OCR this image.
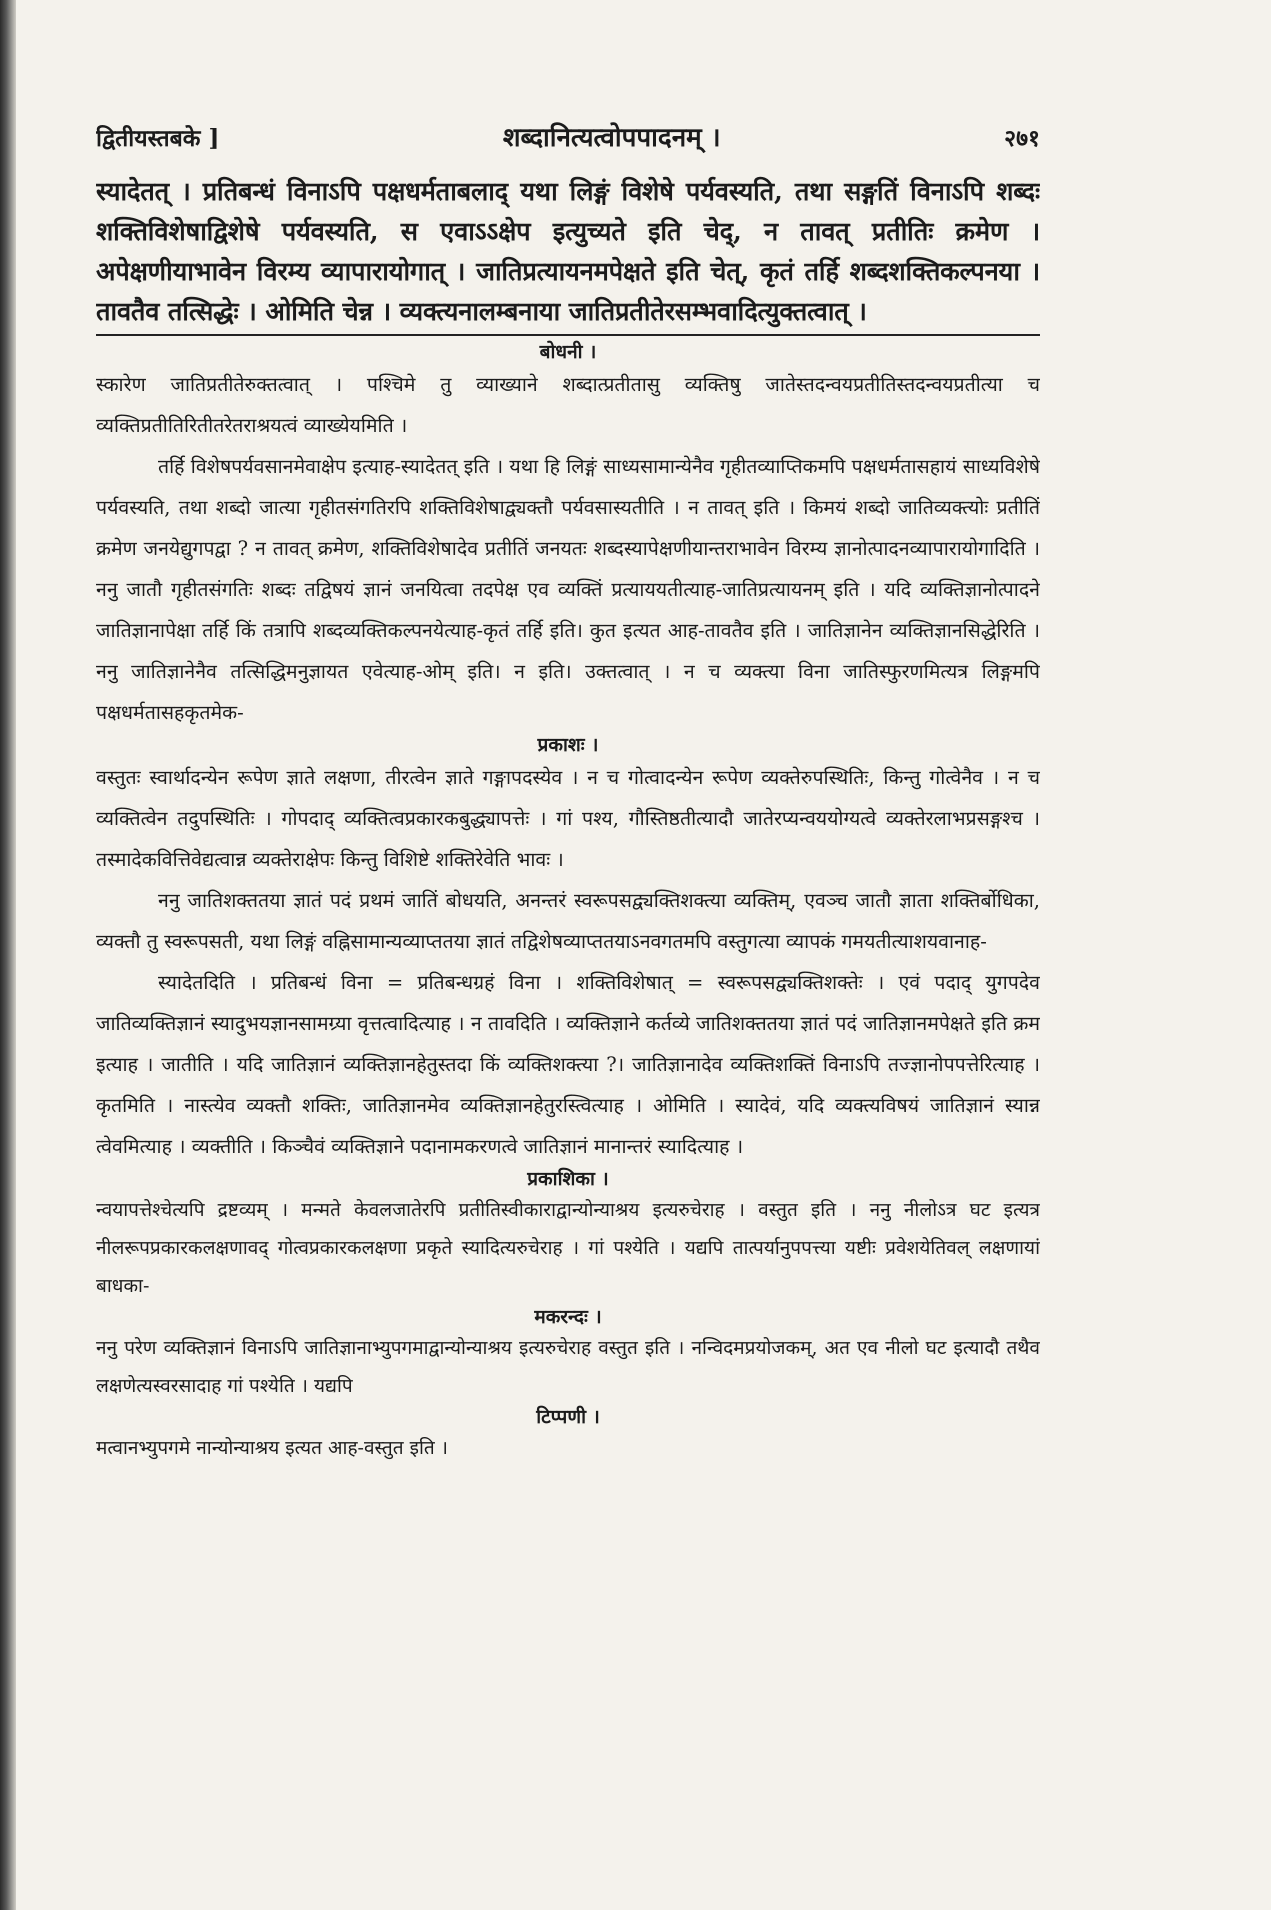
द्वितीयस्तबके ]	शब्दानित्यत्वोपपादनम् ।	२७१
स्यादेतत् । प्रतिबन्धं विनाऽपि पक्षधर्मताबलाद् यथा लिङ्गं विशेषे पर्यवस्यति, तथा सङ्गतिं विनाऽपि शब्दः शक्तिविशेषाद्विशेषे पर्यवस्यति, स एवाऽऽक्षेप इत्युच्यते इति चेद्, न तावत् प्रतीतिः क्रमेण । अपेक्षणीयाभावेन विरम्य व्यापारायोगात् । जातिप्रत्यायनमपेक्षते इति चेत्, कृतं तर्हि शब्दशक्तिकल्पनया । तावतैव तत्सिद्धेः । ओमिति चेन्न । व्यक्त्यनालम्बनाया जातिप्रतीतेरसम्भवादित्युक्तत्वात् ।
बोधनी ।

स्कारेण जातिप्रतीतेरुक्तत्वात् । पश्चिमे तु व्याख्याने शब्दात्प्रतीतासु व्यक्तिषु जातेस्तदन्वयप्रतीतिस्तदन्वयप्रतीत्या च व्यक्तिप्रतीतिरितीतरेतराश्रयत्वं व्याख्येयमिति ।

तर्हि विशेषपर्यवसानमेवाक्षेप इत्याह-स्यादेतत् इति । यथा हि लिङ्गं साध्यसामान्येनैव गृहीतव्याप्तिकमपि पक्षधर्मतासहायं साध्यविशेषे पर्यवस्यति, तथा शब्दो जात्या गृहीतसंगतिरपि शक्तिविशेषाद्व्यक्तौ पर्यवसास्यतीति । न तावत् इति । किमयं शब्दो जातिव्यक्त्योः प्रतीतिं क्रमेण जनयेद्युगपद्वा ? न तावत् क्रमेण, शक्तिविशेषादेव प्रतीतिं जनयतः शब्दस्यापेक्षणीयान्तराभावेन विरम्य ज्ञानोत्पादनव्यापारायोगादिति । ननु जातौ गृहीतसंगतिः शब्दः तद्विषयं ज्ञानं जनयित्वा तदपेक्ष एव व्यक्तिं प्रत्याययतीत्याह-जातिप्रत्यायनम् इति । यदि व्यक्तिज्ञानोत्पादने जातिज्ञानापेक्षा तर्हि किं तत्रापि शब्दव्यक्तिकल्पनयेत्याह-कृतं तर्हि इति। कुत इत्यत आह-तावतैव इति । जातिज्ञानेन व्यक्तिज्ञानसिद्धेरिति । ननु जातिज्ञानेनैव तत्सिद्धिमनुज्ञायत एवेत्याह-ओम् इति। न इति। उक्तत्वात् । न च व्यक्त्या विना जातिस्फुरणमित्यत्र लिङ्गमपि पक्षधर्मतासहकृतमेक-

प्रकाशः ।

वस्तुतः स्वार्थादन्येन रूपेण ज्ञाते लक्षणा, तीरत्वेन ज्ञाते गङ्गापदस्येव । न च गोत्वादन्येन रूपेण व्यक्तेरुपस्थितिः, किन्तु गोत्वेनैव । न च व्यक्तित्वेन तदुपस्थितिः । गोपदाद् व्यक्तित्वप्रकारकबुद्ध्यापत्तेः । गां पश्य, गौस्तिष्ठतीत्यादौ जातेरप्यन्वययोग्यत्वे व्यक्तेरलाभप्रसङ्गश्च । तस्मादेकवित्तिवेद्यत्वान्न व्यक्तेराक्षेपः किन्तु विशिष्टे शक्तिरेवेति भावः ।

ननु जातिशक्ततया ज्ञातं पदं प्रथमं जातिं बोधयति, अनन्तरं स्वरूपसद्व्यक्तिशक्त्या व्यक्तिम्, एवञ्च जातौ ज्ञाता शक्तिर्बोधिका, व्यक्तौ तु स्वरूपसती, यथा लिङ्गं वह्निसामान्यव्याप्ततया ज्ञातं तद्विशेषव्याप्ततयाऽनवगतमपि वस्तुगत्या व्यापकं गमयतीत्याशयवानाह-

स्यादेतदिति । प्रतिबन्धं विना = प्रतिबन्धग्रहं विना । शक्तिविशेषात् = स्वरूपसद्व्यक्तिशक्तेः । एवं पदाद् युगपदेव जातिव्यक्तिज्ञानं स्यादुभयज्ञानसामग्र्या वृत्तत्वादित्याह । न तावदिति । व्यक्तिज्ञाने कर्तव्ये जातिशक्ततया ज्ञातं पदं जातिज्ञानमपेक्षते इति क्रम इत्याह । जातीति । यदि जातिज्ञानं व्यक्तिज्ञानहेतुस्तदा किं व्यक्तिशक्त्या ?। जातिज्ञानादेव व्यक्तिशक्तिं विनाऽपि तज्ज्ञानोपपत्तेरित्याह । कृतमिति । नास्त्येव व्यक्तौ शक्तिः, जातिज्ञानमेव व्यक्तिज्ञानहेतुरस्त्वित्याह । ओमिति । स्यादेवं, यदि व्यक्त्यविषयं जातिज्ञानं स्यान्न त्वेवमित्याह । व्यक्तीति । किञ्चैवं व्यक्तिज्ञाने पदानामकरणत्वे जातिज्ञानं मानान्तरं स्यादित्याह ।

प्रकाशिका ।
न्वयापत्तेश्चेत्यपि द्रष्टव्यम् । मन्मते केवलजातेरपि प्रतीतिस्वीकाराद्वान्योन्याश्रय इत्यरुचेराह । वस्तुत इति । ननु नीलोऽत्र घट इत्यत्र नीलरूपप्रकारकलक्षणावद् गोत्वप्रकारकलक्षणा प्रकृते स्यादित्यरुचेराह । गां पश्येति । यद्यपि तात्पर्यानुपपत्त्या यष्टीः प्रवेशयेतिवल् लक्षणायां बाधका-
मकरन्दः ।
ननु परेण व्यक्तिज्ञानं विनाऽपि जातिज्ञानाभ्युपगमाद्वान्योन्याश्रय इत्यरुचेराह वस्तुत इति । नन्विदमप्रयोजकम्, अत एव नीलो घट इत्यादौ तथैव लक्षणेत्यस्वरसादाह गां पश्येति । यद्यपि
टिप्पणी ।
मत्वानभ्युपगमे नान्योन्याश्रय इत्यत आह-वस्तुत इति ।
